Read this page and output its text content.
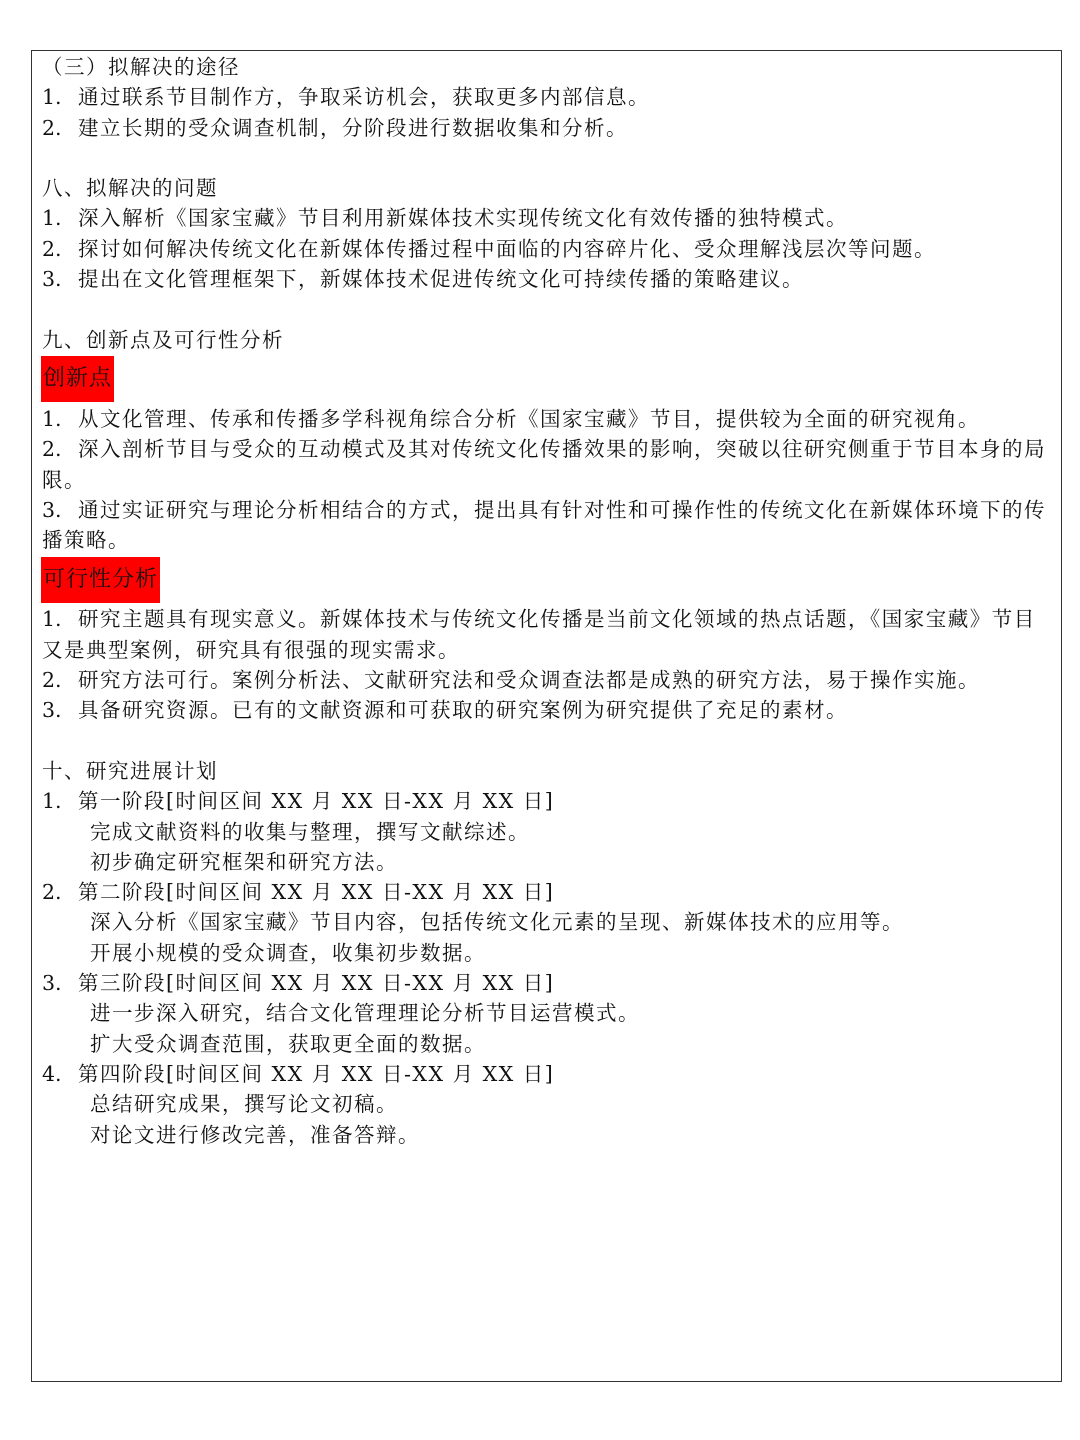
（三）拟解决的途径
1. 通过联系节目制作方，争取采访机会，获取更多内部信息。
2. 建立长期的受众调查机制，分阶段进行数据收集和分析。
八、拟解决的问题
1. 深入解析《国家宝藏》节目利用新媒体技术实现传统文化有效传播的独特模式。
2. 探讨如何解决传统文化在新媒体传播过程中面临的内容碎片化、受众理解浅层次等问题。
3. 提出在文化管理框架下，新媒体技术促进传统文化可持续传播的策略建议。
九、创新点及可行性分析
创新点
1. 从文化管理、传承和传播多学科视角综合分析《国家宝藏》节目，提供较为全面的研究视角。
2. 深入剖析节目与受众的互动模式及其对传统文化传播效果的影响，突破以往研究侧重于节目本身的局限。
3. 通过实证研究与理论分析相结合的方式，提出具有针对性和可操作性的传统文化在新媒体环境下的传播策略。
可行性分析
1. 研究主题具有现实意义。新媒体技术与传统文化传播是当前文化领域的热点话题，《国家宝藏》节目又是典型案例，研究具有很强的现实需求。
2. 研究方法可行。案例分析法、文献研究法和受众调查法都是成熟的研究方法，易于操作实施。
3. 具备研究资源。已有的文献资源和可获取的研究案例为研究提供了充足的素材。
十、研究进展计划
1. 第一阶段[时间区间 XX 月 XX 日-XX 月 XX 日]
完成文献资料的收集与整理，撰写文献综述。
初步确定研究框架和研究方法。
2. 第二阶段[时间区间 XX 月 XX 日-XX 月 XX 日]
深入分析《国家宝藏》节目内容，包括传统文化元素的呈现、新媒体技术的应用等。
开展小规模的受众调查，收集初步数据。
3. 第三阶段[时间区间 XX 月 XX 日-XX 月 XX 日]
进一步深入研究，结合文化管理理论分析节目运营模式。
扩大受众调查范围，获取更全面的数据。
4. 第四阶段[时间区间 XX 月 XX 日-XX 月 XX 日]
总结研究成果，撰写论文初稿。
对论文进行修改完善，准备答辩。
